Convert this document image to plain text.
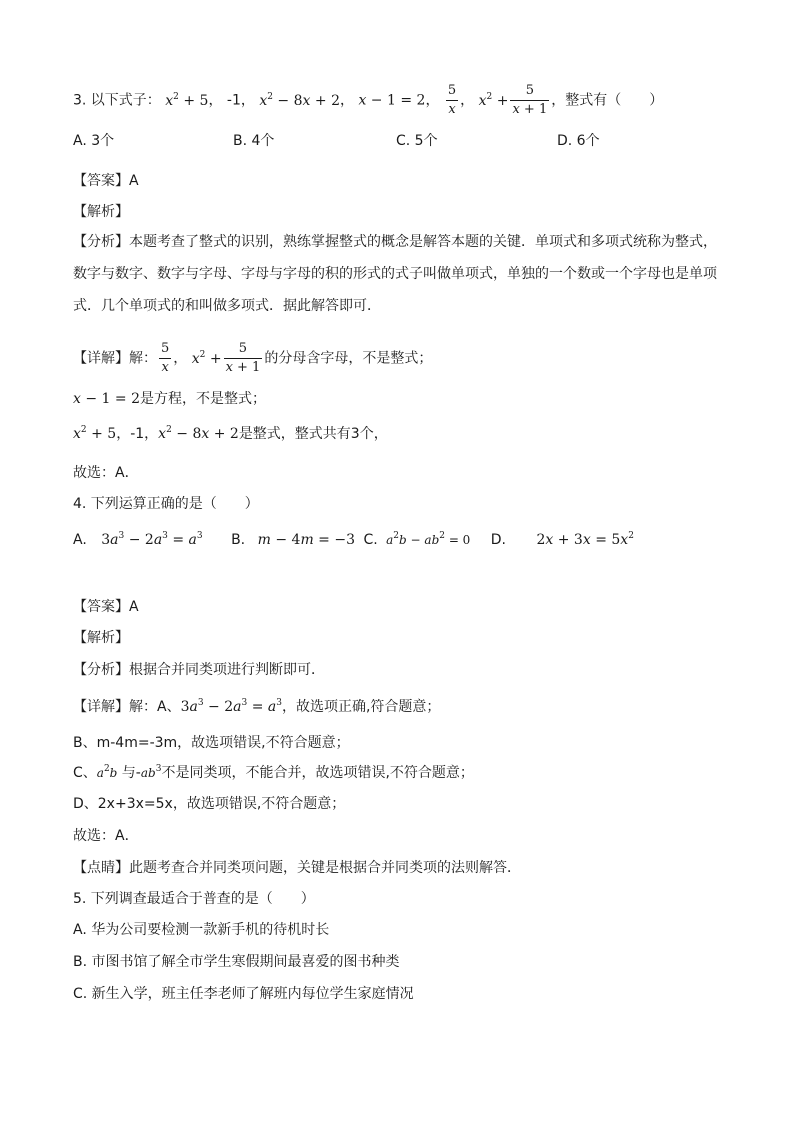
3. 以下式子： $x^2 + 5$， -1， $x^2 - 8x + 2$， x − 1 = 2， $\frac{5}{x}$ ， $x^2 + \frac{5}{x + 1}$ ，整式有（　　）
A. 3个	B. 4个	C. 5个	D. 6个
【答案】A
【解析】
【分析】本题考查了整式的识别，熟练掌握整式的概念是解答本题的关键．单项式和多项式统称为整式，
数字与数字、数字与字母、字母与字母的积的形式的式子叫做单项式，单独的一个数或一个字母也是单项
式．几个单项式的和叫做多项式．据此解答即可．
【详解】解： $\frac{5}{x}$ ， $x^2 + \frac{5}{x + 1}$ 的分母含字母，不是整式；
x − 1 = 2是方程，不是整式；
$x^2 + 5$，-1，$x^2 - 8x + 2$是整式，整式共有3个，
故选：A．
4. 下列运算正确的是（　　）
A. $3a^3 - 2a^3 = a^3$ B. m − 4m = −3 C. $a^2b - ab^2 = 0$ D. $2x + 3x = 5x^2$
【答案】A
【解析】
【分析】根据合并同类项进行判断即可．
【详解】解：A、$3a^3 - 2a^3 = a^3$，故选项正确,符合题意；
B、m-4m=-3m，故选项错误,不符合题意；
C、$a^2b$ 与$-ab^3$不是同类项，不能合并，故选项错误,不符合题意；
D、2x+3x=5x，故选项错误,不符合题意；
故选：A．
【点睛】此题考查合并同类项问题，关键是根据合并同类项的法则解答．
5. 下列调查最适合于普查的是（　　）
A. 华为公司要检测一款新手机的待机时长
B. 市图书馆了解全市学生寒假期间最喜爱的图书种类
C. 新生入学，班主任李老师了解班内每位学生家庭情况
